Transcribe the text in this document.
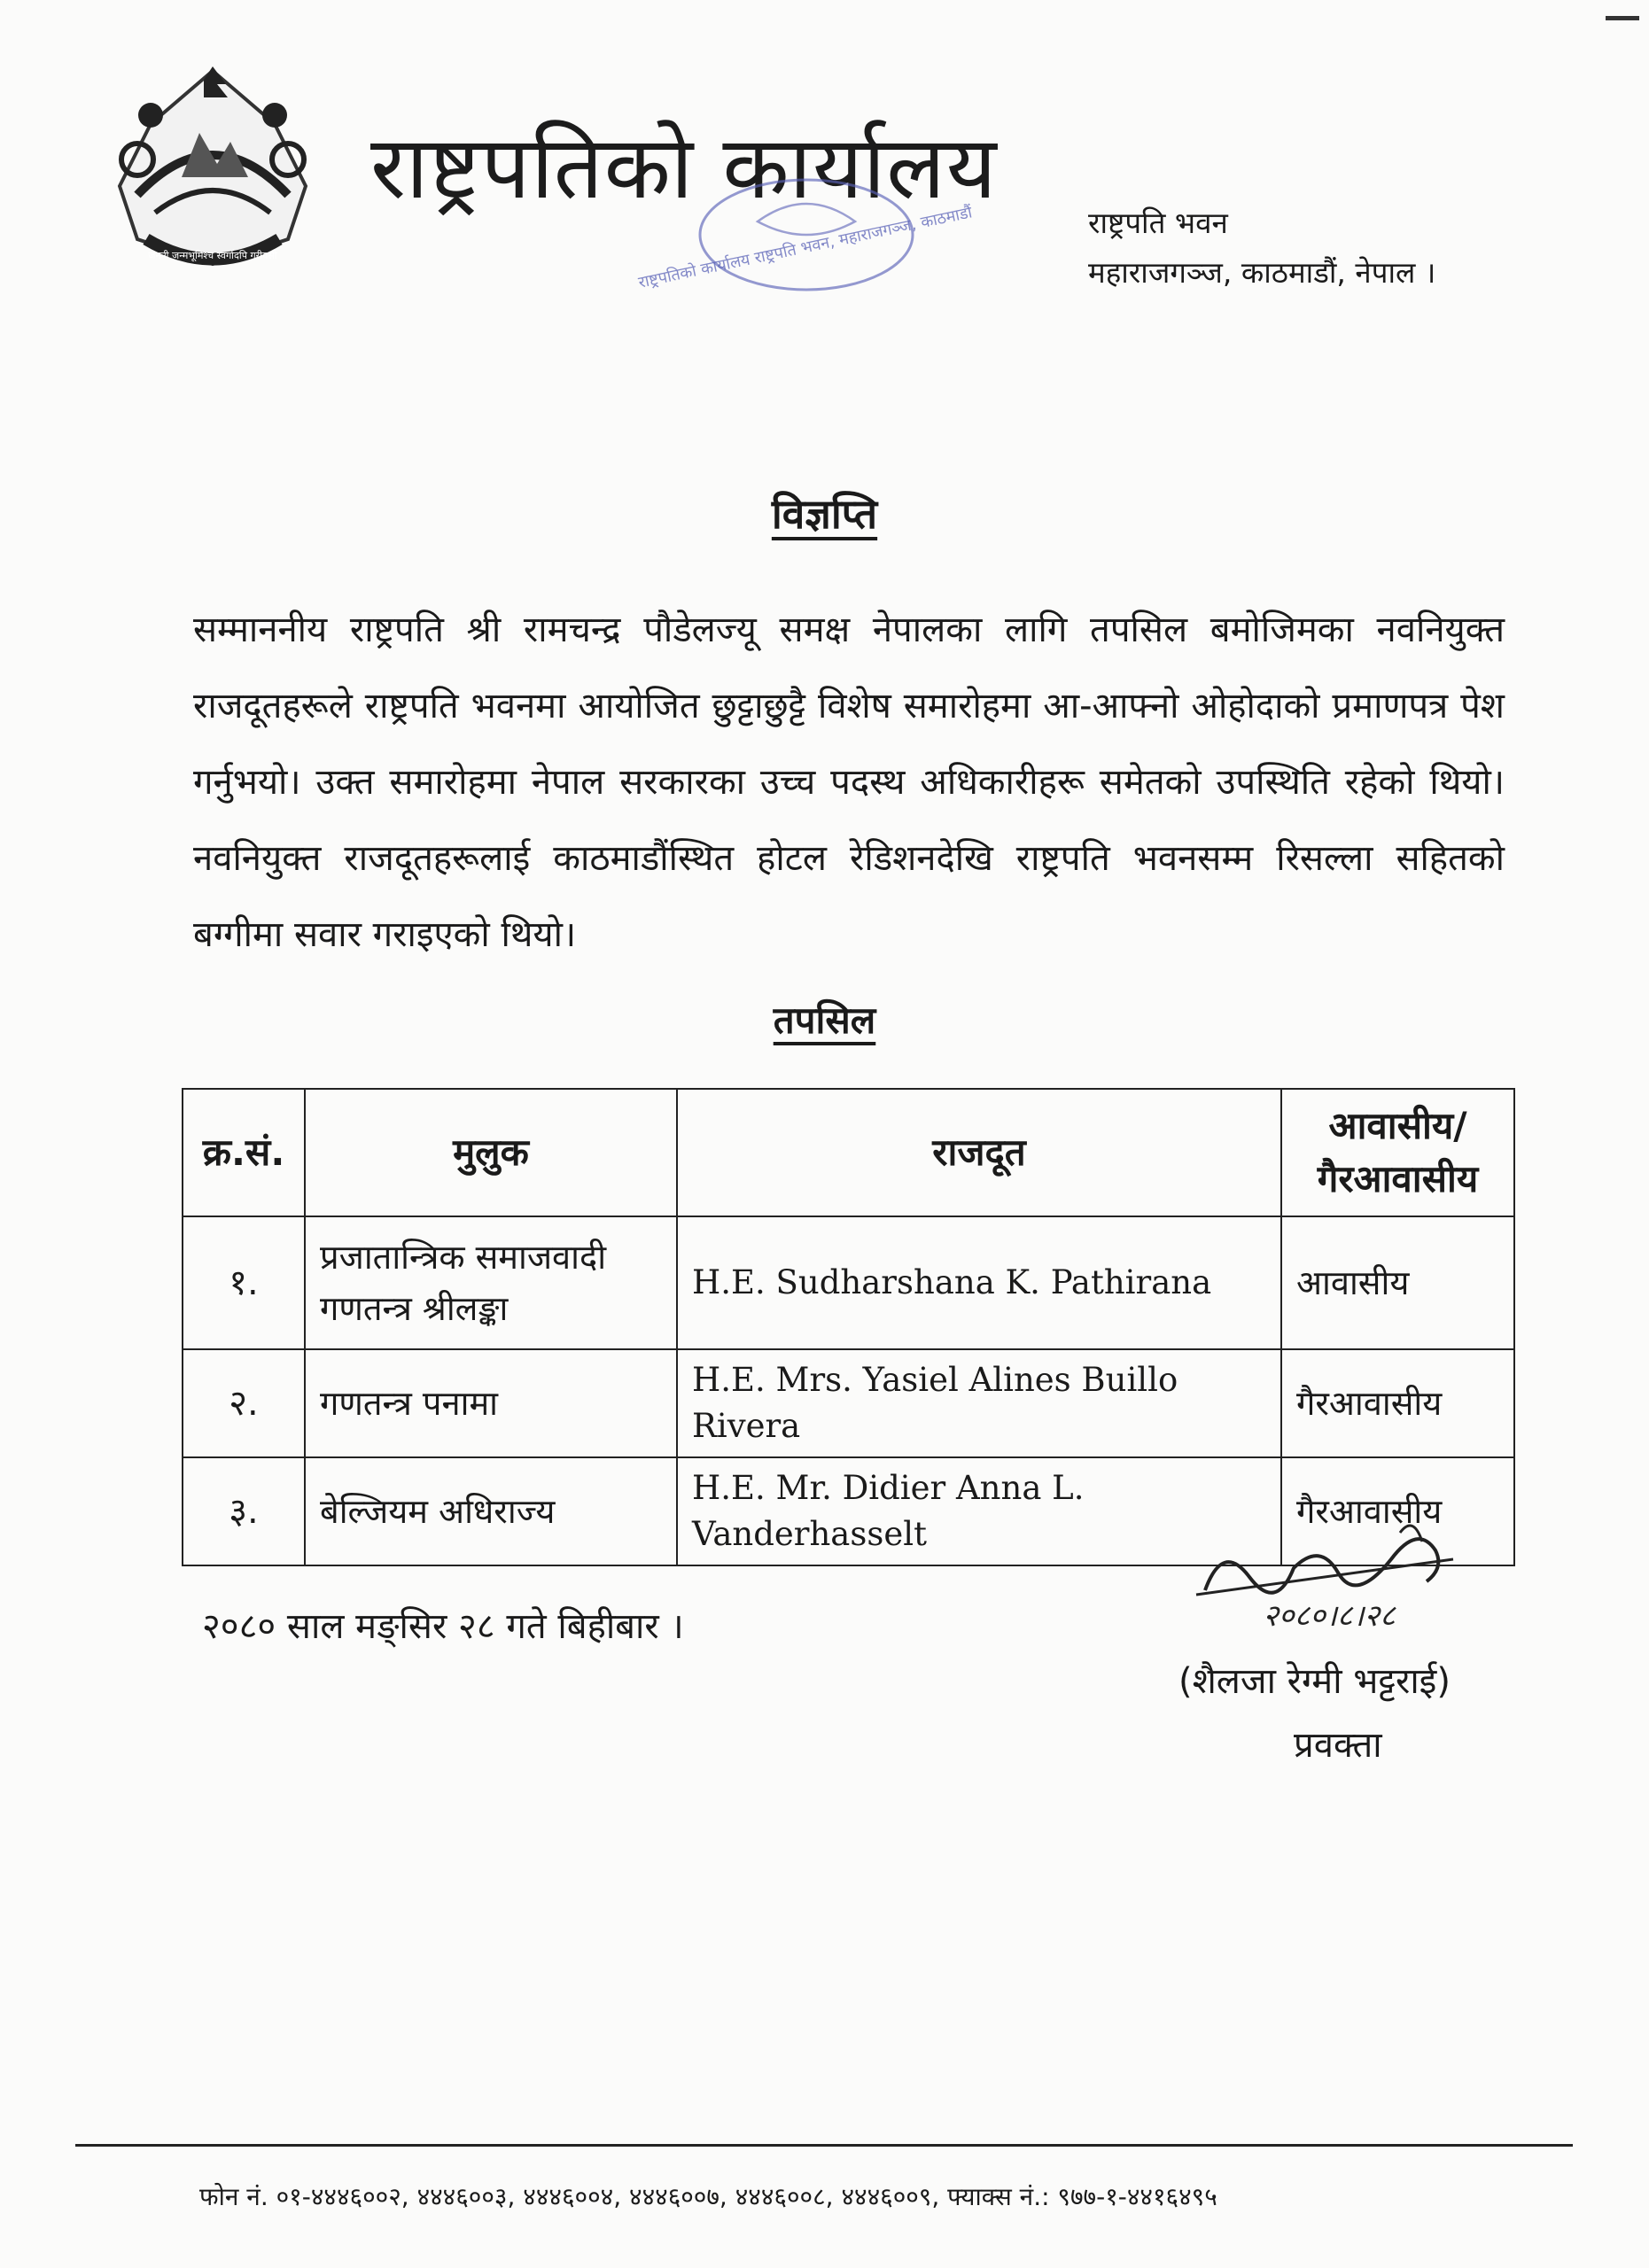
जननी जन्मभूमिश्च स्वर्गादपि गरीयसी
राष्ट्रपतिको कार्यालय
राष्ट्रपतिको कार्यालय राष्ट्रपति भवन, महाराजगञ्ज, काठमाडौं	राष्ट्रपति भवन
महाराजगञ्ज, काठमाडौं, नेपाल ।
विज्ञप्ति
सम्माननीय राष्ट्रपति श्री रामचन्द्र पौडेलज्यू समक्ष नेपालका लागि तपसिल बमोजिमका नवनियुक्त राजदूतहरूले राष्ट्रपति भवनमा आयोजित छुट्टाछुट्टै विशेष समारोहमा आ-आफ्नो ओहोदाको प्रमाणपत्र पेश गर्नुभयो। उक्त समारोहमा नेपाल सरकारका उच्च पदस्थ अधिकारीहरू समेतको उपस्थिति रहेको थियो। नवनियुक्त राजदूतहरूलाई काठमाडौंस्थित होटल रेडिशनदेखि राष्ट्रपति भवनसम्म रिसल्ला सहितको बग्गीमा सवार गराइएको थियो।
तपसिल
क्र.सं.	मुलुक	राजदूत	आवासीय/ गैरआवासीय
१.	प्रजातान्त्रिक समाजवादी गणतन्त्र श्रीलङ्का	H.E. Sudharshana K. Pathirana	आवासीय
२.	गणतन्त्र पनामा	H.E. Mrs. Yasiel Alines Buillo Rivera	गैरआवासीय
३.	बेल्जियम अधिराज्य	H.E. Mr. Didier Anna L. Vanderhasselt	गैरआवासीय
२०८० साल मङ्सिर २८ गते बिहीबार ।	२०८०।८।२८
(शैलजा रेग्मी भट्टराई)
प्रवक्ता
फोन नं. ०१-४४४६००२, ४४४६००३, ४४४६००४, ४४४६००७, ४४४६००८, ४४४६००९, फ्याक्स नं.: ९७७-१-४४१६४९५
